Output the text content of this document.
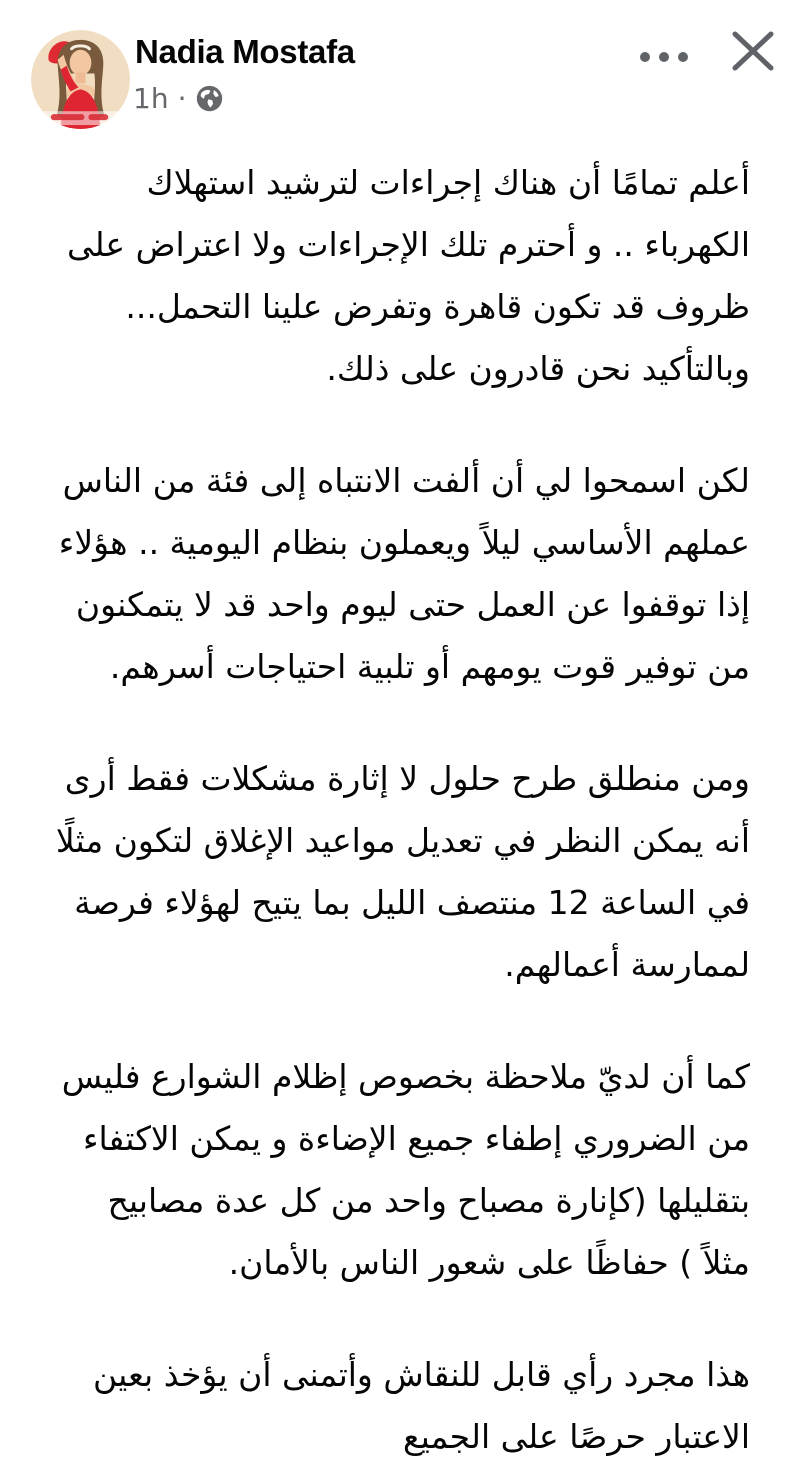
Nadia Mostafa
1h ·

أعلم تمامًا أن هناك إجراءات لترشيد استهلاك الكهرباء .. و أحترم تلك الإجراءات ولا اعتراض على ظروف قد تكون قاهرة وتفرض علينا التحمل... وبالتأكيد نحن قادرون على ذلك.

لكن اسمحوا لي أن ألفت الانتباه إلى فئة من الناس عملهم الأساسي ليلاً ويعملون بنظام اليومية .. هؤلاء إذا توقفوا عن العمل حتى ليوم واحد قد لا يتمكنون من توفير قوت يومهم أو تلبية احتياجات أسرهم.

ومن منطلق طرح حلول لا إثارة مشكلات فقط أرى أنه يمكن النظر في تعديل مواعيد الإغلاق لتكون مثلًا في الساعة 12 منتصف الليل بما يتيح لهؤلاء فرصة لممارسة أعمالهم.

كما أن لديّ ملاحظة بخصوص إظلام الشوارع فليس من الضروري إطفاء جميع الإضاءة و يمكن الاكتفاء بتقليلها (كإنارة مصباح واحد من كل عدة مصابيح مثلاً ) حفاظًا على شعور الناس بالأمان.

هذا مجرد رأي قابل للنقاش وأتمنى أن يؤخذ بعين الاعتبار حرصًا على الجميع
